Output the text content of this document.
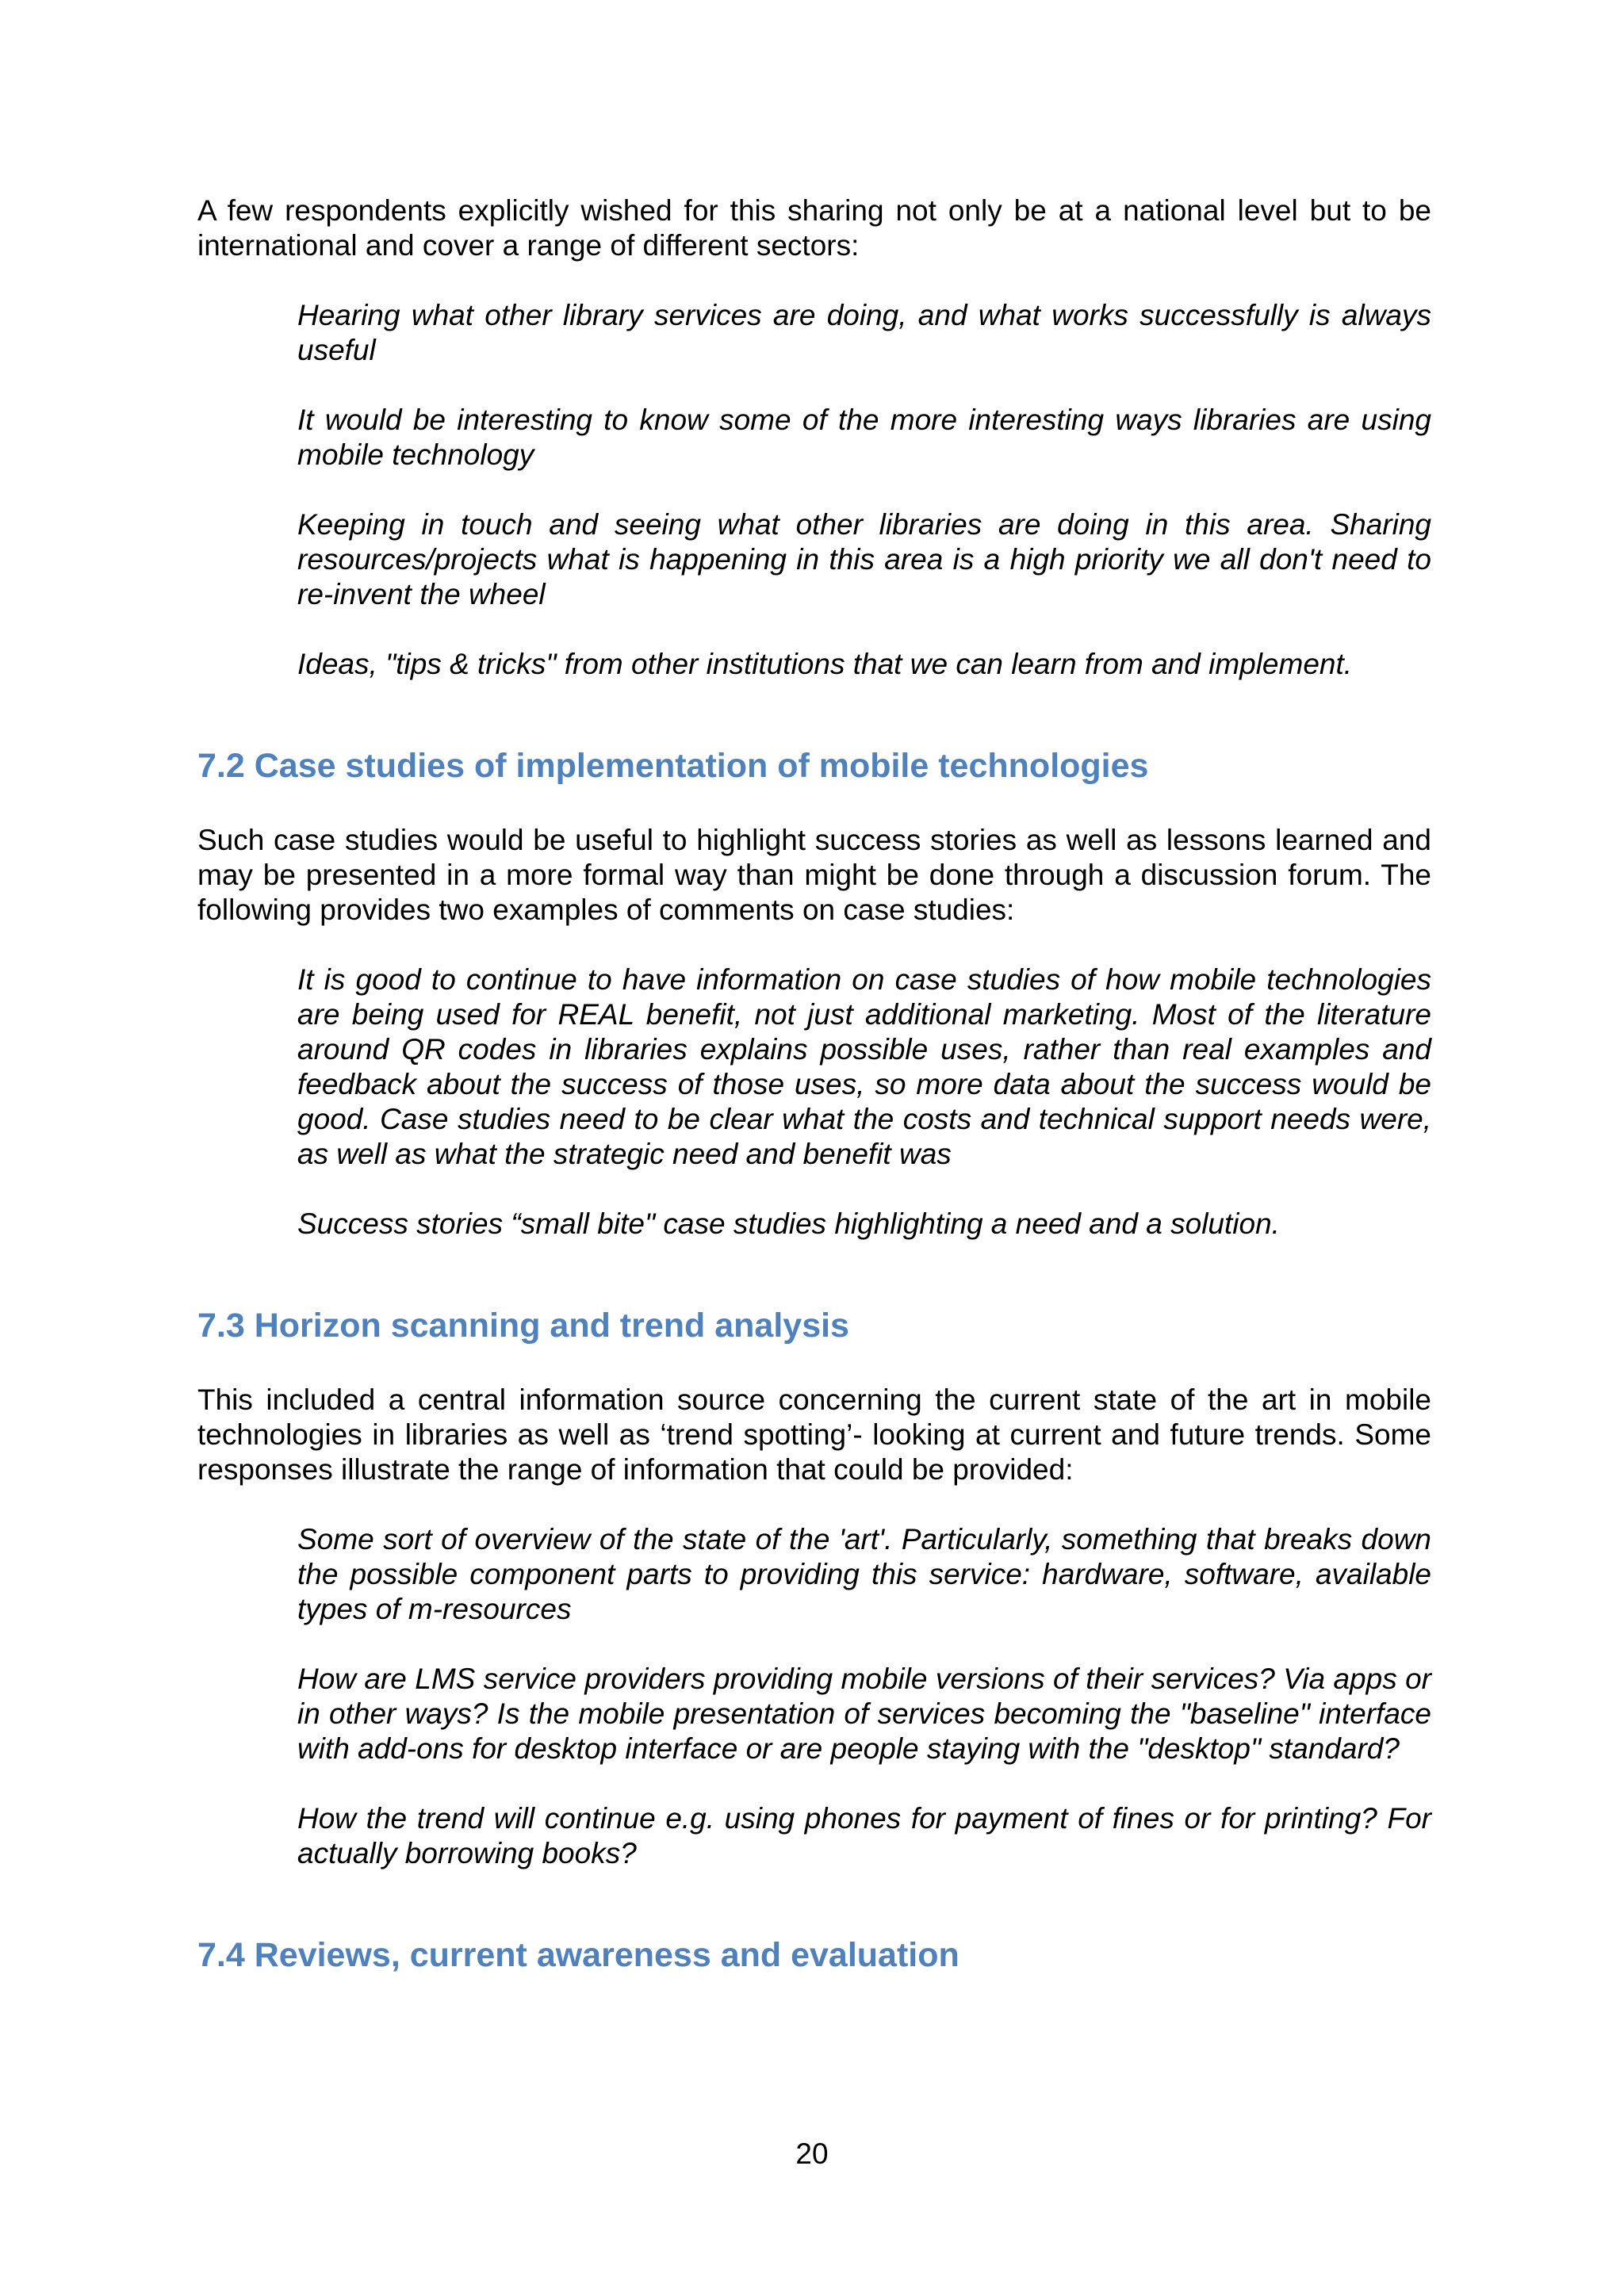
A few respondents explicitly wished for this sharing not only be at a national level but to be international and cover a range of different sectors:

Hearing what other library services are doing, and what works successfully is always useful

It would be interesting to know some of the more interesting ways libraries are using mobile technology

Keeping in touch and seeing what other libraries are doing in this area. Sharing resources/projects what is happening in this area is a high priority we all don't need to re-invent the wheel

Ideas, "tips & tricks" from other institutions that we can learn from and implement.

7.2 Case studies of implementation of mobile technologies

Such case studies would be useful to highlight success stories as well as lessons learned and may be presented in a more formal way than might be done through a discussion forum. The following provides two examples of comments on case studies:

It is good to continue to have information on case studies of how mobile technologies are being used for REAL benefit, not just additional marketing. Most of the literature around QR codes in libraries explains possible uses, rather than real examples and feedback about the success of those uses, so more data about the success would be good. Case studies need to be clear what the costs and technical support needs were, as well as what the strategic need and benefit was

Success stories “small bite" case studies highlighting a need and a solution.

7.3 Horizon scanning and trend analysis

This included a central information source concerning the current state of the art in mobile technologies in libraries as well as ‘trend spotting’- looking at current and future trends. Some responses illustrate the range of information that could be provided:

Some sort of overview of the state of the 'art'. Particularly, something that breaks down the possible component parts to providing this service: hardware, software, available types of m-resources

How are LMS service providers providing mobile versions of their services? Via apps or in other ways? Is the mobile presentation of services becoming the "baseline" interface with add-ons for desktop interface or are people staying with the "desktop" standard?

How the trend will continue e.g. using phones for payment of fines or for printing? For actually borrowing books?

7.4 Reviews, current awareness and evaluation
20
